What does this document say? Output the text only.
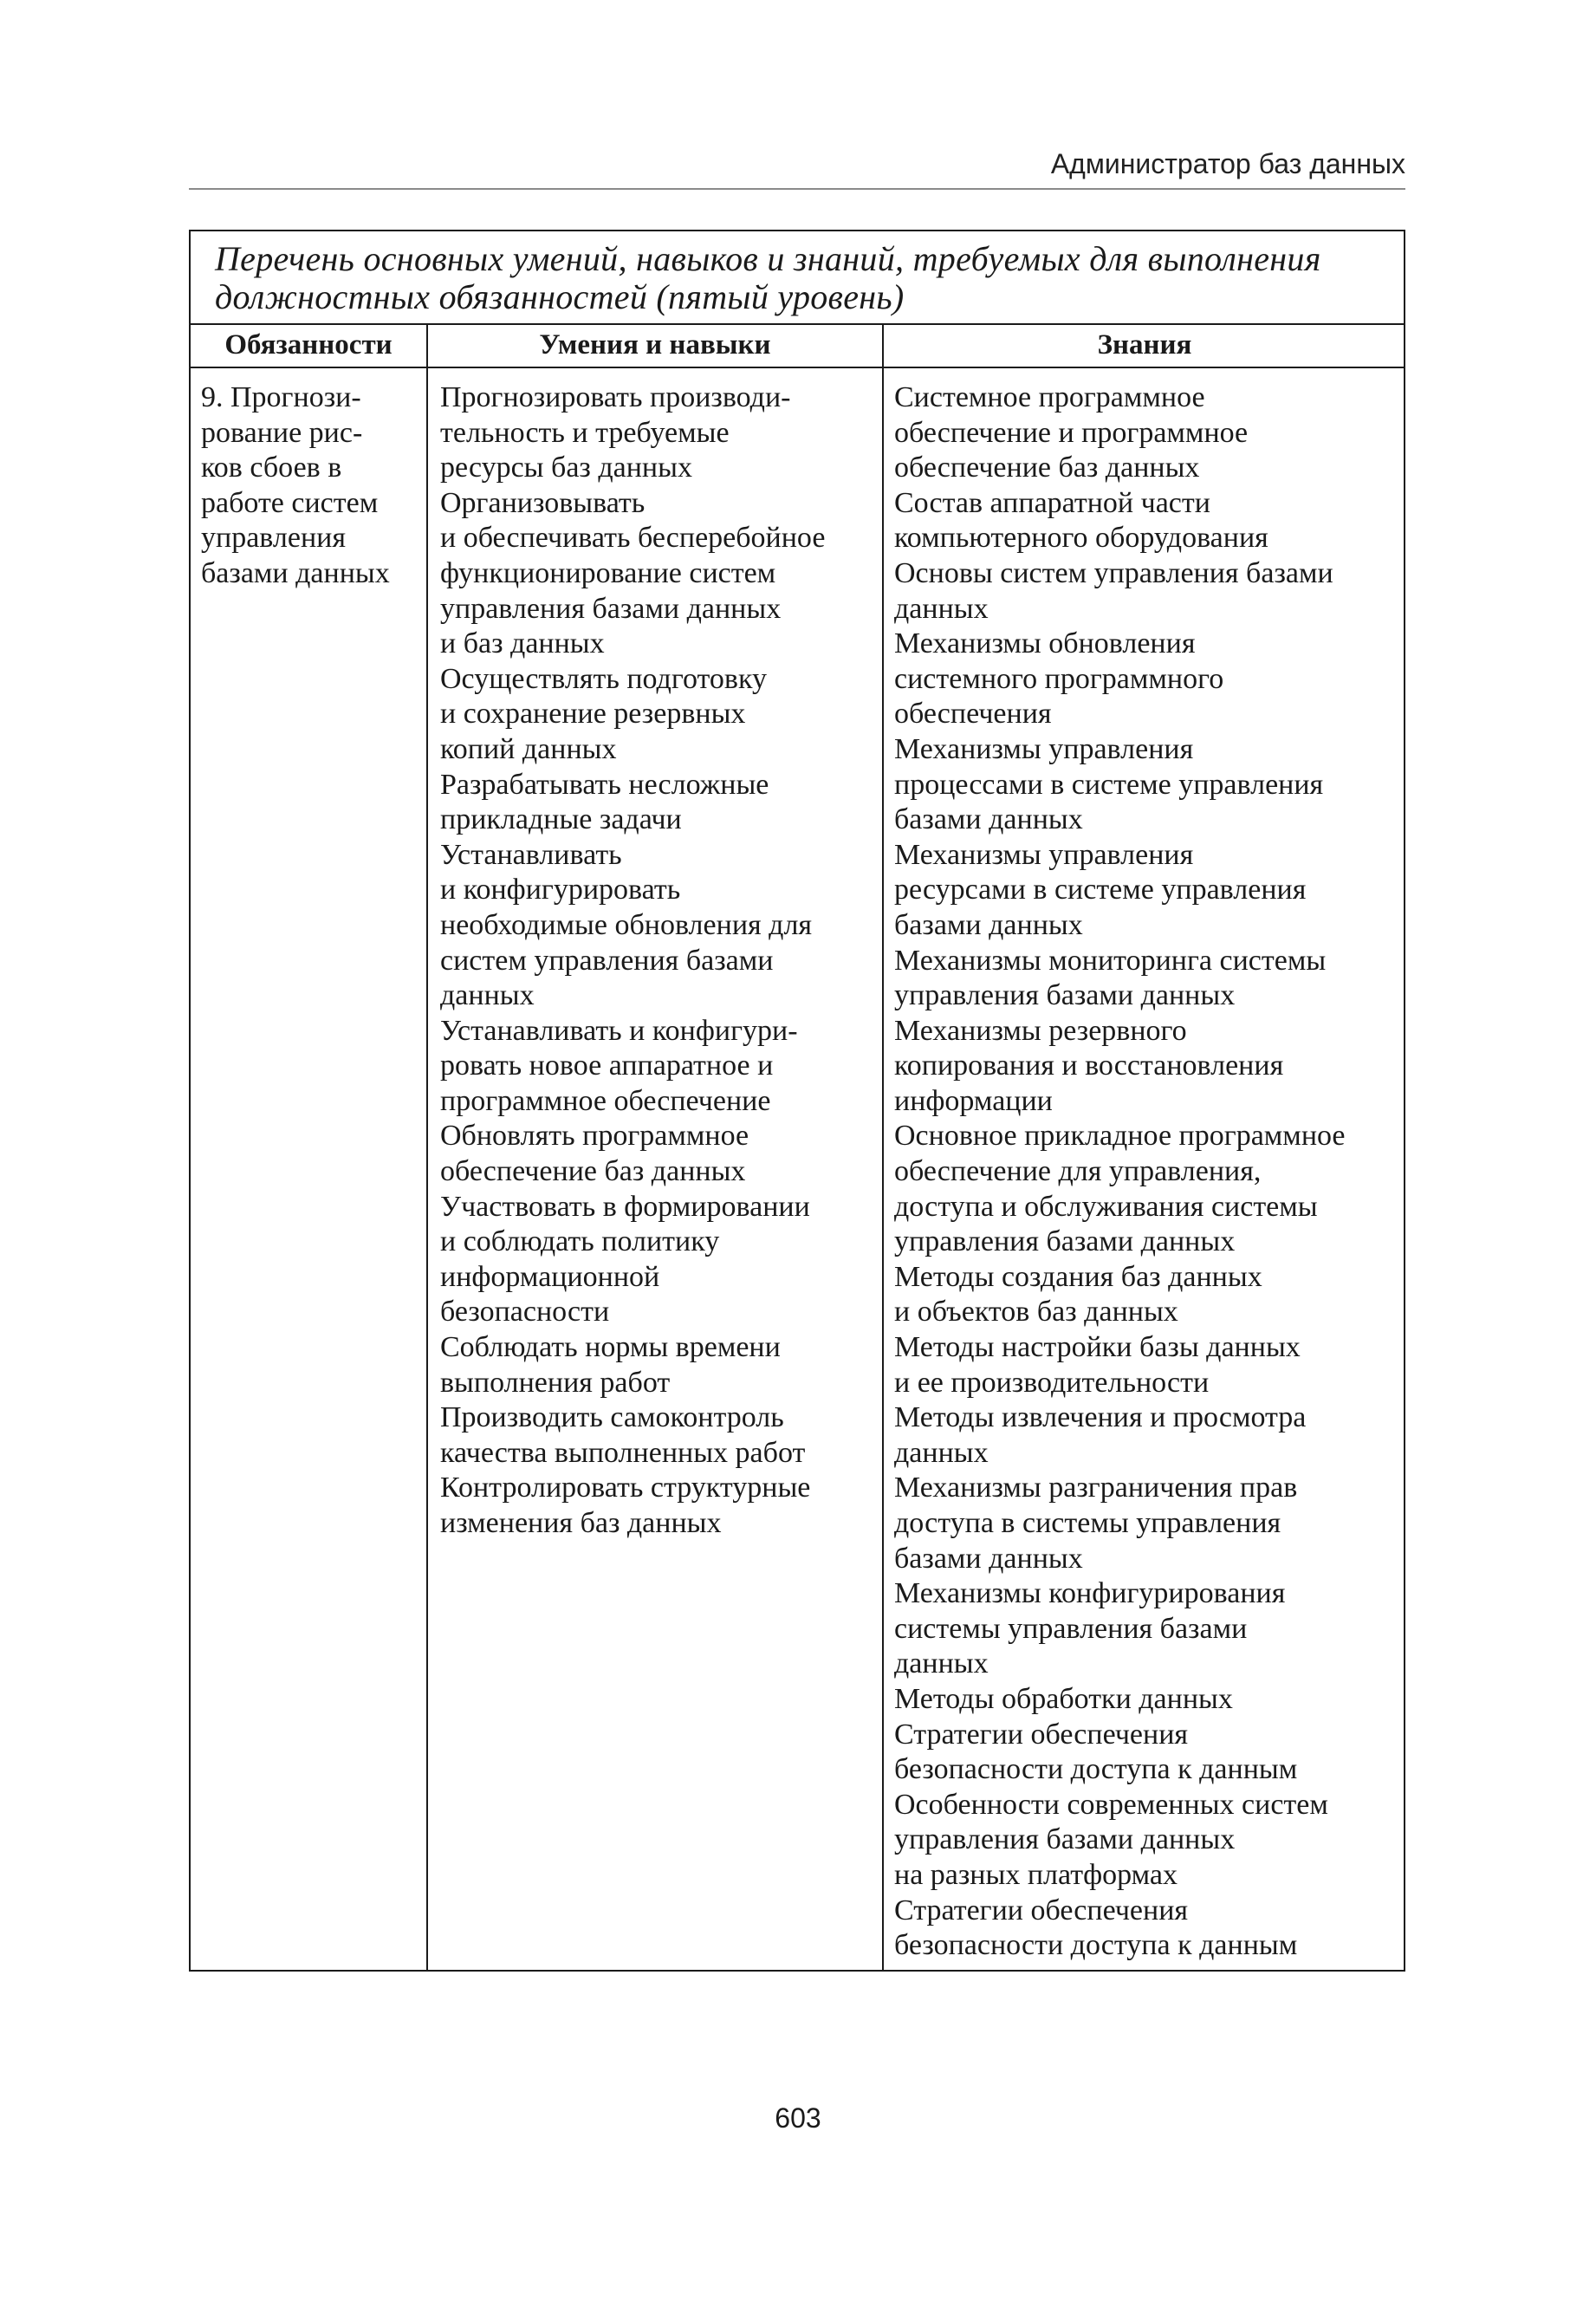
Администратор баз данных
Перечень основных умений, навыков и знаний, требуемых для выполнения
должностных обязанностей (пятый уровень)
Обязанности	Умения и навыки	Знания
9. Прогнози-
рование рис-
ков сбоев в
работе систем
управления
базами данных
Прогнозировать производи-
тельность и требуемые
ресурсы баз данных
Организовывать
и обеспечивать бесперебойное
функционирование систем
управления базами данных
и баз данных
Осуществлять подготовку
и сохранение резервных
копий данных
Разрабатывать несложные
прикладные задачи
Устанавливать
и конфигурировать
необходимые обновления для
систем управления базами
данных
Устанавливать и конфигури-
ровать новое аппаратное и
программное обеспечение
Обновлять программное
обеспечение баз данных
Участвовать в формировании
и соблюдать политику
информационной
безопасности
Соблюдать нормы времени
выполнения работ
Производить самоконтроль
качества выполненных работ
Контролировать структурные
изменения баз данных
Системное программное
обеспечение и программное
обеспечение баз данных
Состав аппаратной части
компьютерного оборудования
Основы систем управления базами
данных
Механизмы обновления
системного программного
обеспечения
Механизмы управления
процессами в системе управления
базами данных
Механизмы управления
ресурсами в системе управления
базами данных
Механизмы мониторинга системы
управления базами данных
Механизмы резервного
копирования и восстановления
информации
Основное прикладное программное
обеспечение для управления,
доступа и обслуживания системы
управления базами данных
Методы создания баз данных
и объектов баз данных
Методы настройки базы данных
и ее производительности
Методы извлечения и просмотра
данных
Механизмы разграничения прав
доступа в системы управления
базами данных
Механизмы конфигурирования
системы управления базами
данных
Методы обработки данных
Стратегии обеспечения
безопасности доступа к данным
Особенности современных систем
управления базами данных
на разных платформах
Стратегии обеспечения
безопасности доступа к данным
603
